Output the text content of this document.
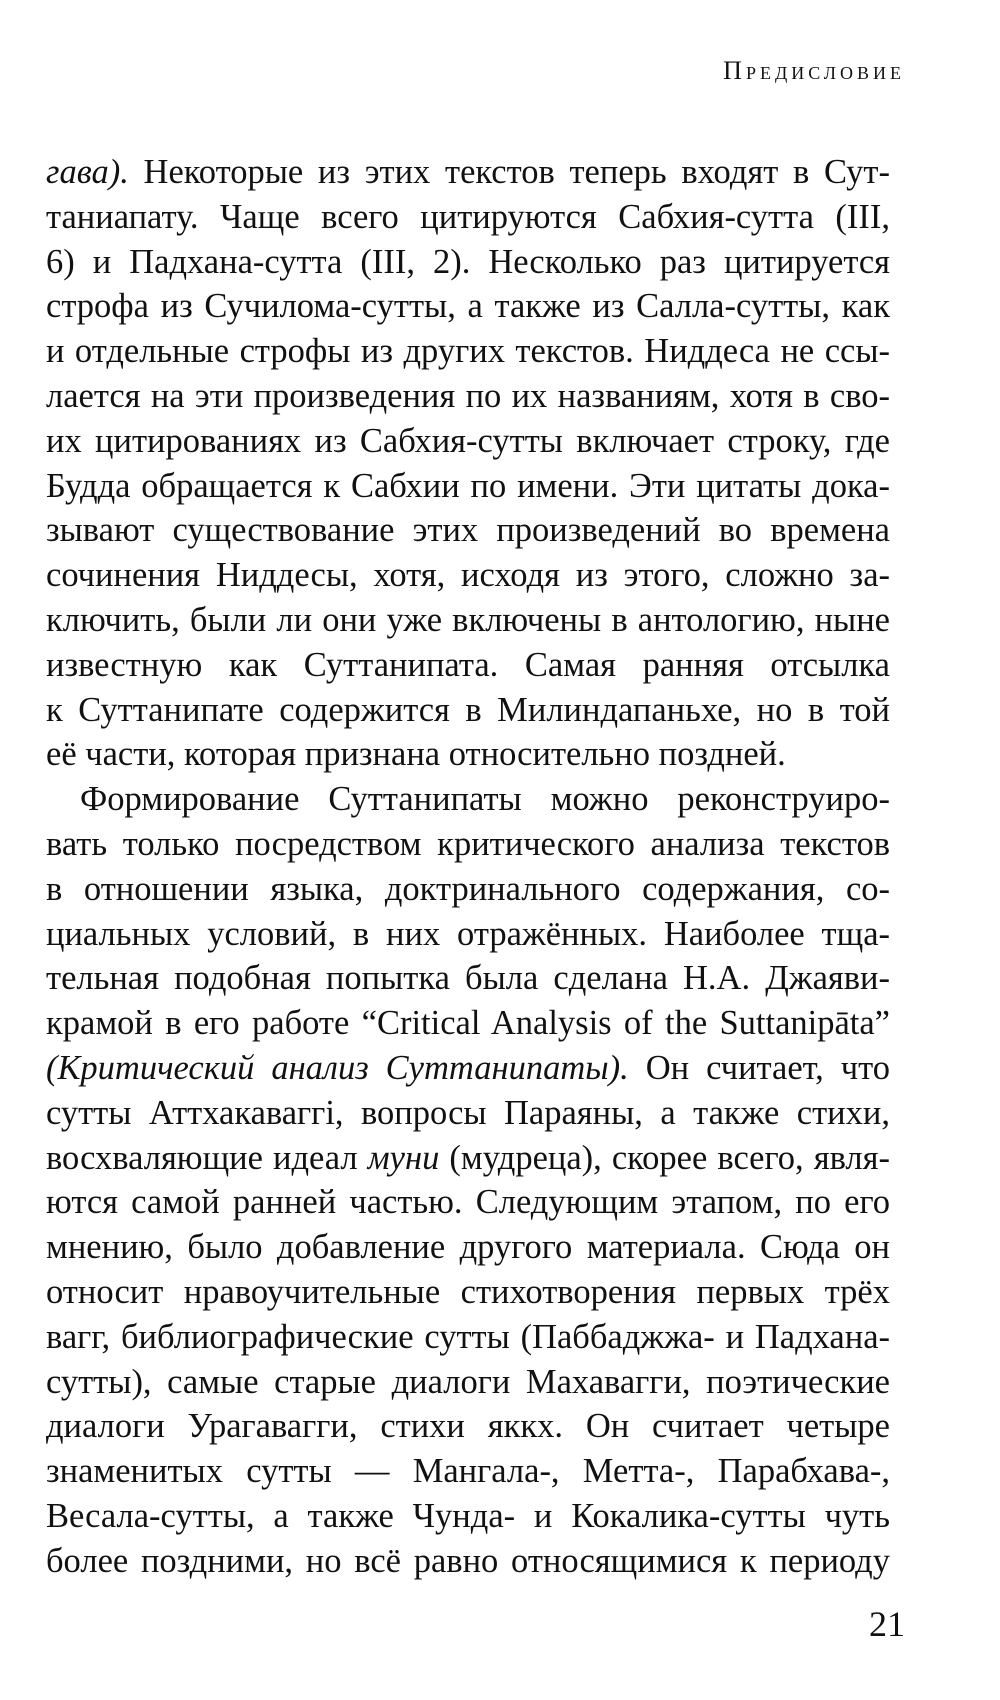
Предисловие
гава). Некоторые из этих текстов теперь входят в Сут-
таниапату. Чаще всего цитируются Сабхия-сутта (III,
6) и Падхана-сутта (III, 2). Несколько раз цитируется
строфа из Сучилома-сутты, а также из Салла-сутты, как
и отдельные строфы из других текстов. Ниддеса не ссы-
лается на эти произведения по их названиям, хотя в сво-
их цитированиях из Сабхия-сутты включает строку, где
Будда обращается к Сабхии по имени. Эти цитаты дока-
зывают существование этих произведений во времена
сочинения Ниддесы, хотя, исходя из этого, сложно за-
ключить, были ли они уже включены в антологию, ныне
известную как Суттанипата. Самая ранняя отсылка
к Суттанипате содержится в Милиндапаньхе, но в той
её части, которая признана относительно поздней.
Формирование Суттанипаты можно реконструиро-
вать только посредством критического анализа текстов
в отношении языка, доктринального содержания, со-
циальных условий, в них отражённых. Наиболее тща-
тельная подобная попытка была сделана Н.А. Джаяви-
крамой в его работе “Critical Analysis of the Suttanipāta”
(Критический анализ Суттанипаты). Он считает, что
сутты Аттхакаваггi, вопросы Параяны, а также стихи,
восхваляющие идеал муни (мудреца), скорее всего, явля-
ются самой ранней частью. Следующим этапом, по его
мнению, было добавление другого материала. Сюда он
относит нравоучительные стихотворения первых трёх
вагг, библиографические сутты (Паббаджжа- и Падхана-
сутты), самые старые диалоги Махавагги, поэтические
диалоги Урагавагги, стихи яккх. Он считает четыре
знаменитых сутты — Мангала-, Метта-, Парабхава-,
Весала-сутты, а также Чунда- и Кокалика-сутты чуть
более поздними, но всё равно относящимися к периоду
21
